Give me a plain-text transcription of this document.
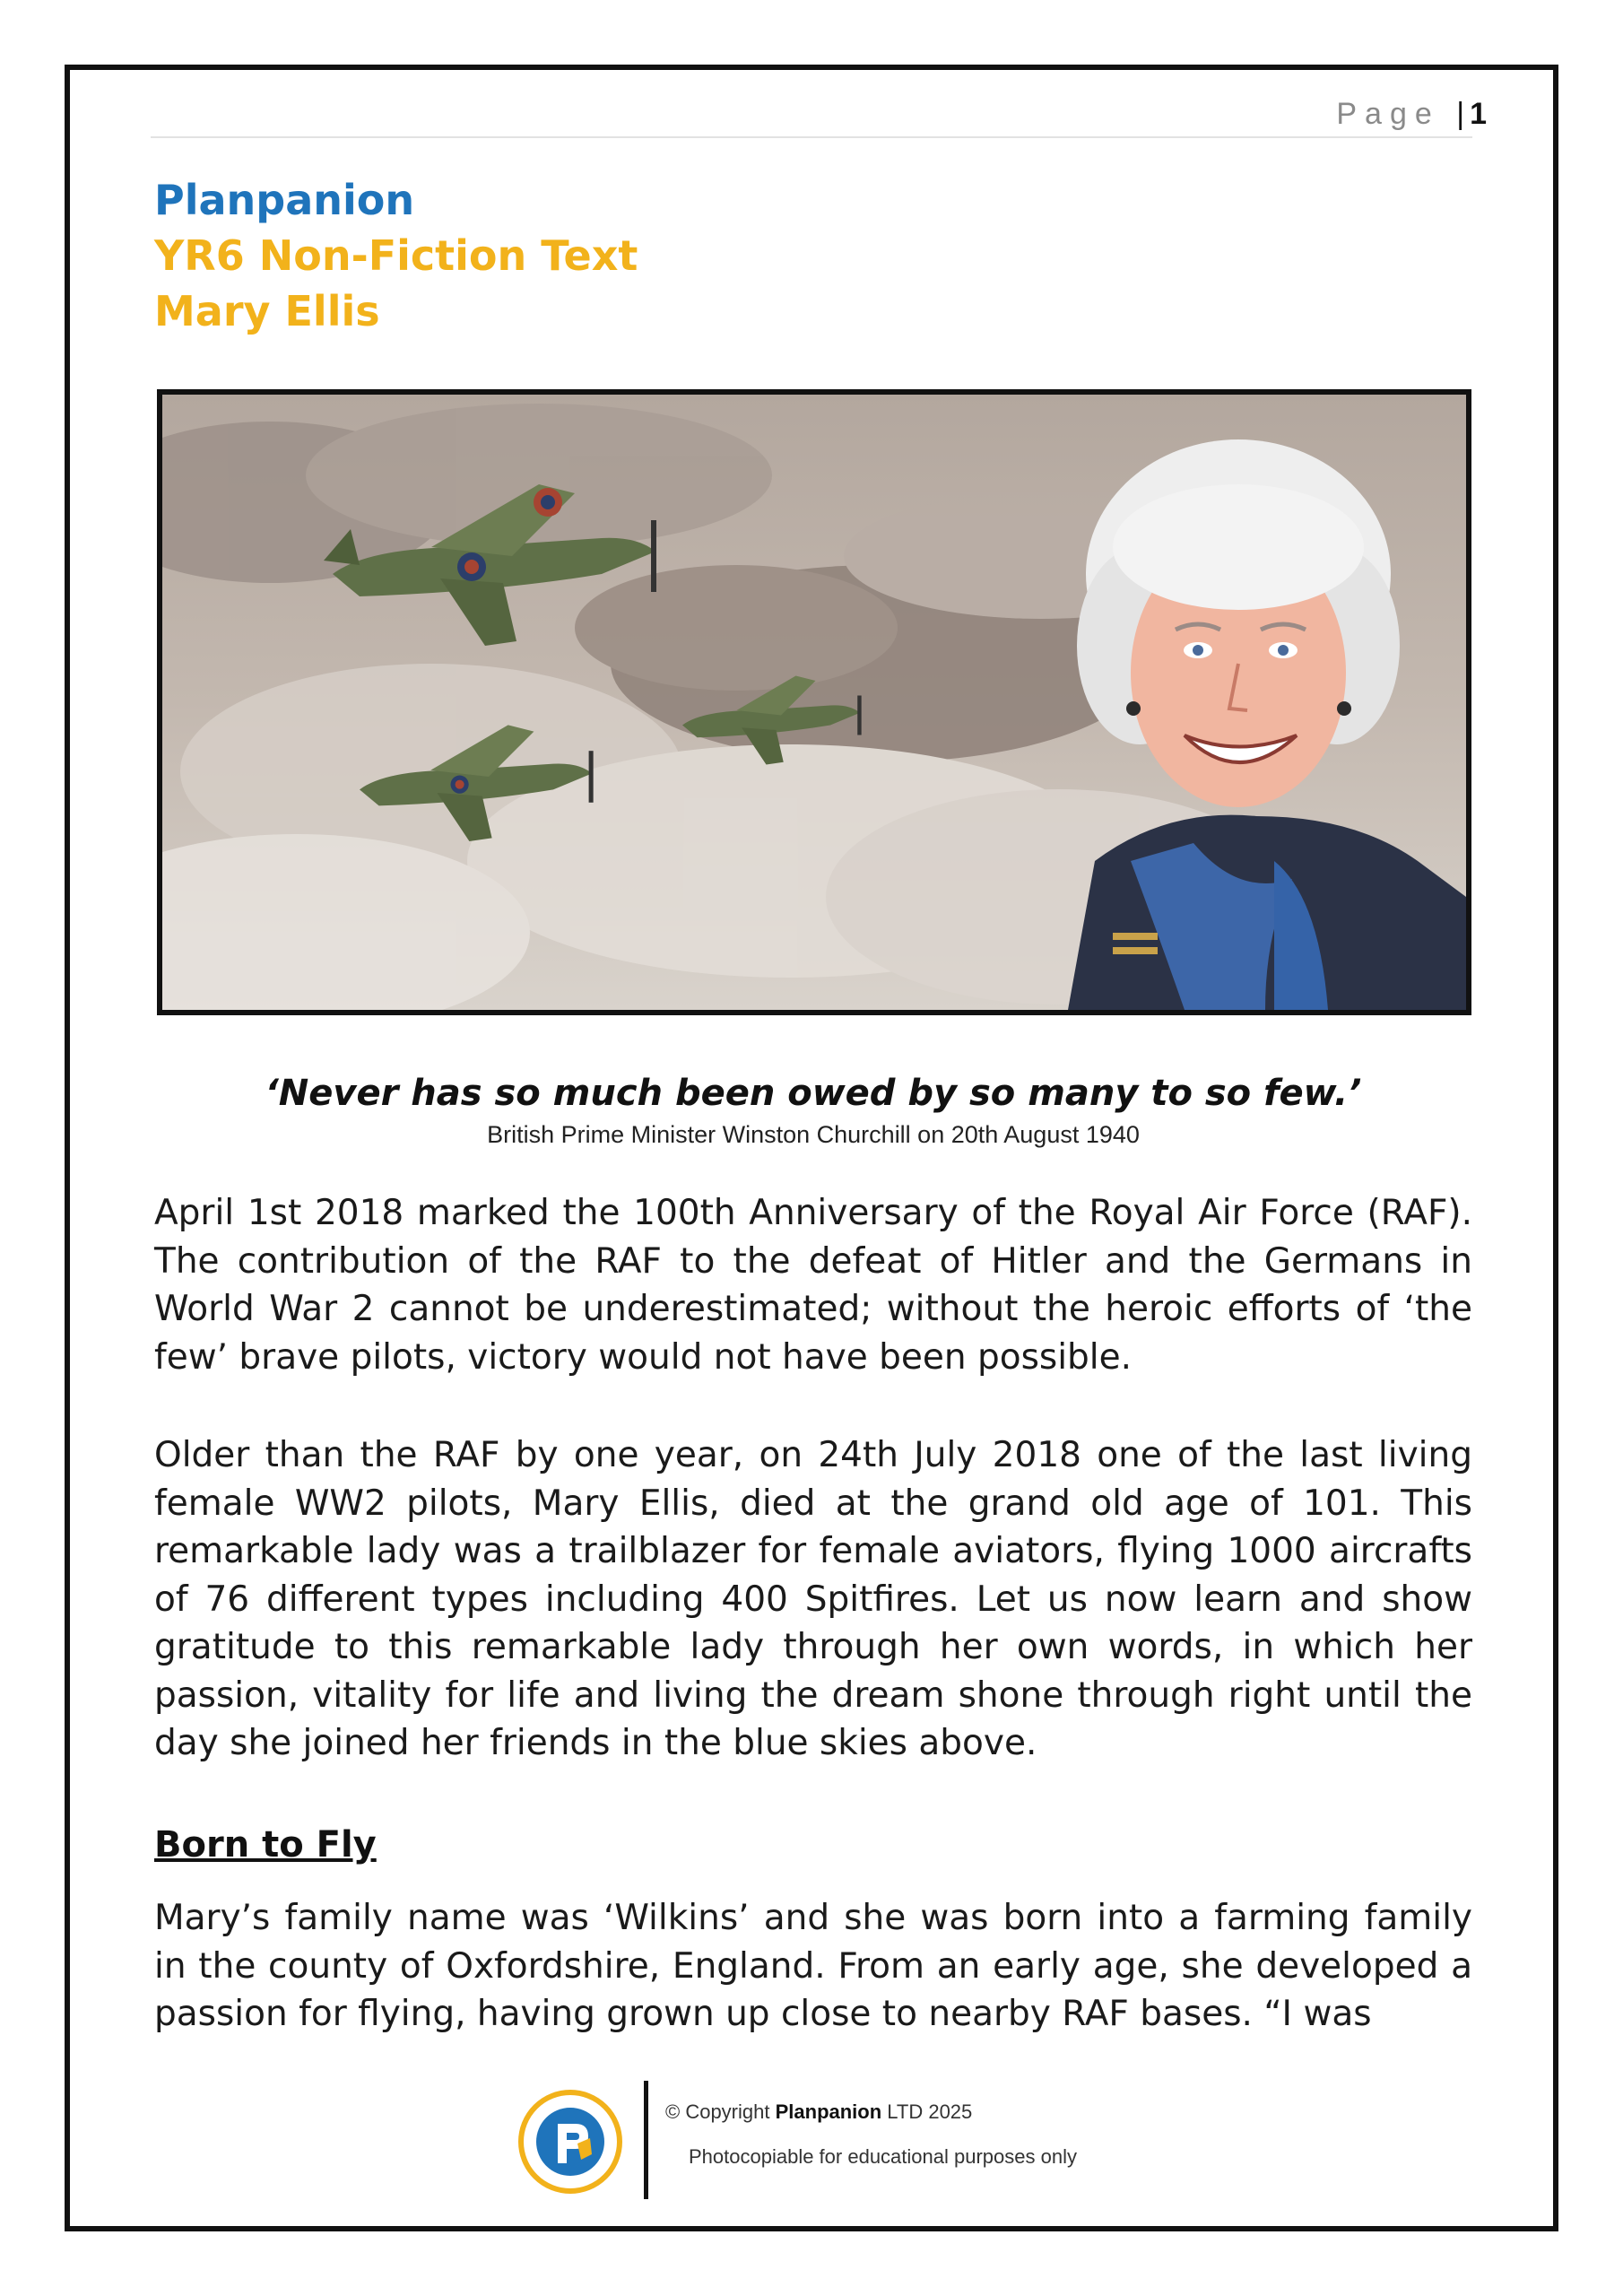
Page | 1
Planpanion
YR6 Non-Fiction Text
Mary Ellis
‘Never has so much been owed by so many to so few.’
British Prime Minister Winston Churchill on 20th August 1940
April 1st 2018 marked the 100th Anniversary of the Royal Air Force (RAF). The contribution of the RAF to the defeat of Hitler and the Germans in World War 2 cannot be underestimated; without the heroic efforts of ‘the few’ brave pilots, victory would not have been possible.
Older than the RAF by one year, on 24th July 2018 one of the last living female WW2 pilots, Mary Ellis, died at the grand old age of 101. This remarkable lady was a trailblazer for female aviators, flying 1000 aircrafts of 76 different types including 400 Spitfires. Let us now learn and show gratitude to this remarkable lady through her own words, in which her passion, vitality for life and living the dream shone through right until the day she joined her friends in the blue skies above.
Born to Fly
Mary’s family name was ‘Wilkins’ and she was born into a farming family in the county of Oxfordshire, England. From an early age, she developed a passion for flying, having grown up close to nearby RAF bases. “I was
© Copyright Planpanion LTD 2025
Photocopiable for educational purposes only
